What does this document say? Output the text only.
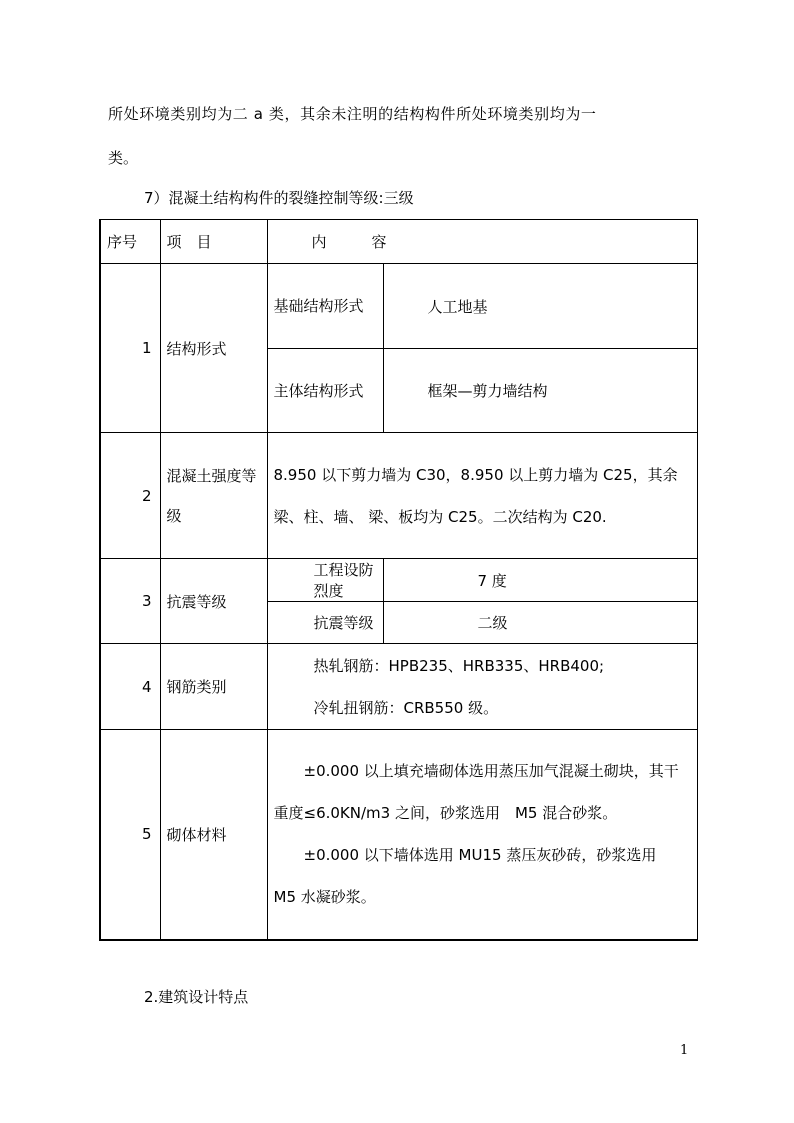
所处环境类别均为二 a 类，其余未注明的结构构件所处环境类别均为一

类。

7）混凝土结构构件的裂缝控制等级:三级

序号	项　目	内　　　容	
1	结构形式	基础结构形式	人工地基
		主体结构形式	框架—剪力墙结构
2	混凝土强度等级	8.950 以下剪力墙为 C30，8.950 以上剪力墙为 C25，其余梁、柱、墙、 梁、板均为 C25。二次结构为 C20.	
3	抗震等级	工程设防烈度	7 度
		抗震等级	二级
4	钢筋类别	热轧钢筋：HPB235、HRB335、HRB400;
冷轧扭钢筋：CRB550 级。	

5	砌体材料	±0.000 以上填充墙砌体选用蒸压加气混凝土砌块，其干重度≤6.0KN/m3 之间，砂浆选用　M5 混合砂浆。
±0.000 以下墙体选用 MU15 蒸压灰砂砖，砂浆选用　M5 水凝砂浆。	

2.建筑设计特点

1
